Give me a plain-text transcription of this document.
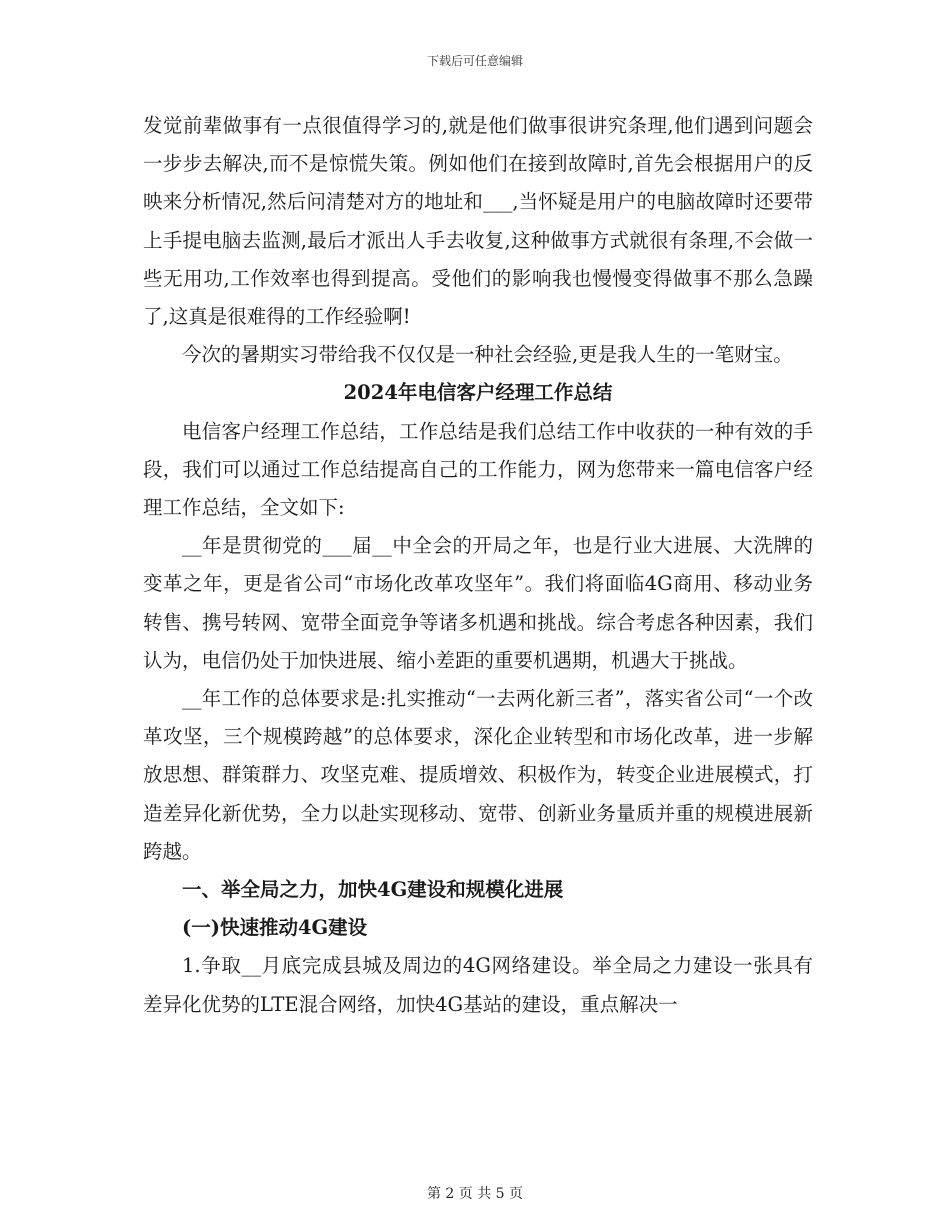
下载后可任意编辑

发觉前辈做事有一点很值得学习的,就是他们做事很讲究条理,他们遇到问题会一步步去解决,而不是惊慌失策。例如他们在接到故障时,首先会根据用户的反映来分析情况,然后问清楚对方的地址和___,当怀疑是用户的电脑故障时还要带上手提电脑去监测,最后才派出人手去收复,这种做事方式就很有条理,不会做一些无用功,工作效率也得到提高。受他们的影响我也慢慢变得做事不那么急躁了,这真是很难得的工作经验啊!

今次的暑期实习带给我不仅仅是一种社会经验,更是我人生的一笔财宝。

2024年电信客户经理工作总结

电信客户经理工作总结，工作总结是我们总结工作中收获的一种有效的手段，我们可以通过工作总结提高自己的工作能力，网为您带来一篇电信客户经理工作总结，全文如下:

__年是贯彻党的___届__中全会的开局之年，也是行业大进展、大洗牌的变革之年，更是省公司“市场化改革攻坚年”。我们将面临4G商用、移动业务转售、携号转网、宽带全面竞争等诸多机遇和挑战。综合考虑各种因素，我们认为，电信仍处于加快进展、缩小差距的重要机遇期，机遇大于挑战。

__年工作的总体要求是:扎实推动“一去两化新三者”，落实省公司“一个改革攻坚，三个规模跨越”的总体要求，深化企业转型和市场化改革，进一步解放思想、群策群力、攻坚克难、提质增效、积极作为，转变企业进展模式，打造差异化新优势，全力以赴实现移动、宽带、创新业务量质并重的规模进展新跨越。

一、举全局之力，加快4G建设和规模化进展

(一)快速推动4G建设

1.争取__月底完成县城及周边的4G网络建设。举全局之力建设一张具有差异化优势的LTE混合网络，加快4G基站的建设，重点解决一

第 2 页 共 5 页
